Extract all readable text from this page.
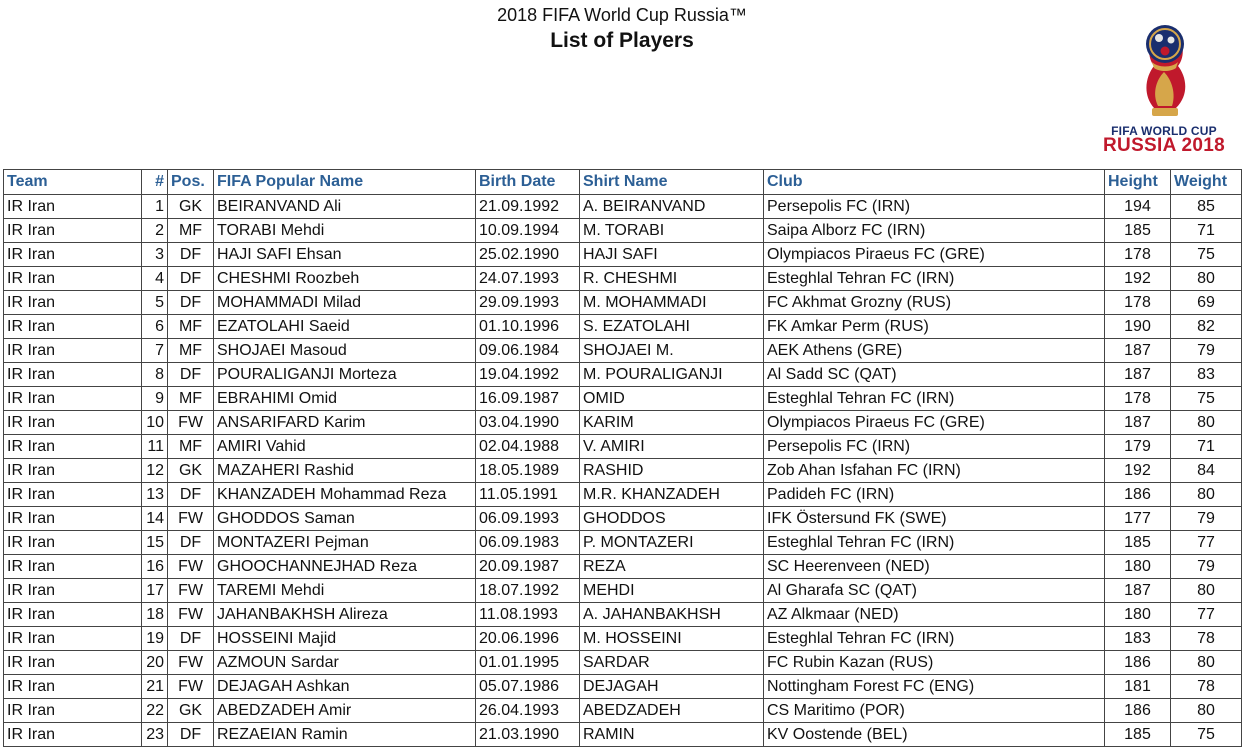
2018 FIFA World Cup Russia™
List of Players
FIFA WORLD CUP
RUSSIA 2018
Team	#	Pos.	FIFA Popular Name	Birth Date	Shirt Name	Club	Height	Weight
IR Iran	1	GK	BEIRANVAND Ali	21.09.1992	A. BEIRANVAND	Persepolis FC (IRN)	194	85
IR Iran	2	MF	TORABI Mehdi	10.09.1994	M. TORABI	Saipa Alborz FC (IRN)	185	71
IR Iran	3	DF	HAJI SAFI Ehsan	25.02.1990	HAJI SAFI	Olympiacos Piraeus FC (GRE)	178	75
IR Iran	4	DF	CHESHMI Roozbeh	24.07.1993	R. CHESHMI	Esteghlal Tehran FC (IRN)	192	80
IR Iran	5	DF	MOHAMMADI Milad	29.09.1993	M. MOHAMMADI	FC Akhmat Grozny (RUS)	178	69
IR Iran	6	MF	EZATOLAHI Saeid	01.10.1996	S. EZATOLAHI	FK Amkar Perm (RUS)	190	82
IR Iran	7	MF	SHOJAEI Masoud	09.06.1984	SHOJAEI M.	AEK Athens (GRE)	187	79
IR Iran	8	DF	POURALIGANJI Morteza	19.04.1992	M. POURALIGANJI	Al Sadd SC (QAT)	187	83
IR Iran	9	MF	EBRAHIMI Omid	16.09.1987	OMID	Esteghlal Tehran FC (IRN)	178	75
IR Iran	10	FW	ANSARIFARD Karim	03.04.1990	KARIM	Olympiacos Piraeus FC (GRE)	187	80
IR Iran	11	MF	AMIRI Vahid	02.04.1988	V. AMIRI	Persepolis FC (IRN)	179	71
IR Iran	12	GK	MAZAHERI Rashid	18.05.1989	RASHID	Zob Ahan Isfahan FC (IRN)	192	84
IR Iran	13	DF	KHANZADEH Mohammad Reza	11.05.1991	M.R. KHANZADEH	Padideh FC (IRN)	186	80
IR Iran	14	FW	GHODDOS Saman	06.09.1993	GHODDOS	IFK Östersund FK (SWE)	177	79
IR Iran	15	DF	MONTAZERI Pejman	06.09.1983	P. MONTAZERI	Esteghlal Tehran FC (IRN)	185	77
IR Iran	16	FW	GHOOCHANNEJHAD Reza	20.09.1987	REZA	SC Heerenveen (NED)	180	79
IR Iran	17	FW	TAREMI Mehdi	18.07.1992	MEHDI	Al Gharafa SC (QAT)	187	80
IR Iran	18	FW	JAHANBAKHSH Alireza	11.08.1993	A. JAHANBAKHSH	AZ Alkmaar (NED)	180	77
IR Iran	19	DF	HOSSEINI Majid	20.06.1996	M. HOSSEINI	Esteghlal Tehran FC (IRN)	183	78
IR Iran	20	FW	AZMOUN Sardar	01.01.1995	SARDAR	FC Rubin Kazan (RUS)	186	80
IR Iran	21	FW	DEJAGAH Ashkan	05.07.1986	DEJAGAH	Nottingham Forest FC (ENG)	181	78
IR Iran	22	GK	ABEDZADEH Amir	26.04.1993	ABEDZADEH	CS Maritimo (POR)	186	80
IR Iran	23	DF	REZAEIAN Ramin	21.03.1990	RAMIN	KV Oostende (BEL)	185	75
